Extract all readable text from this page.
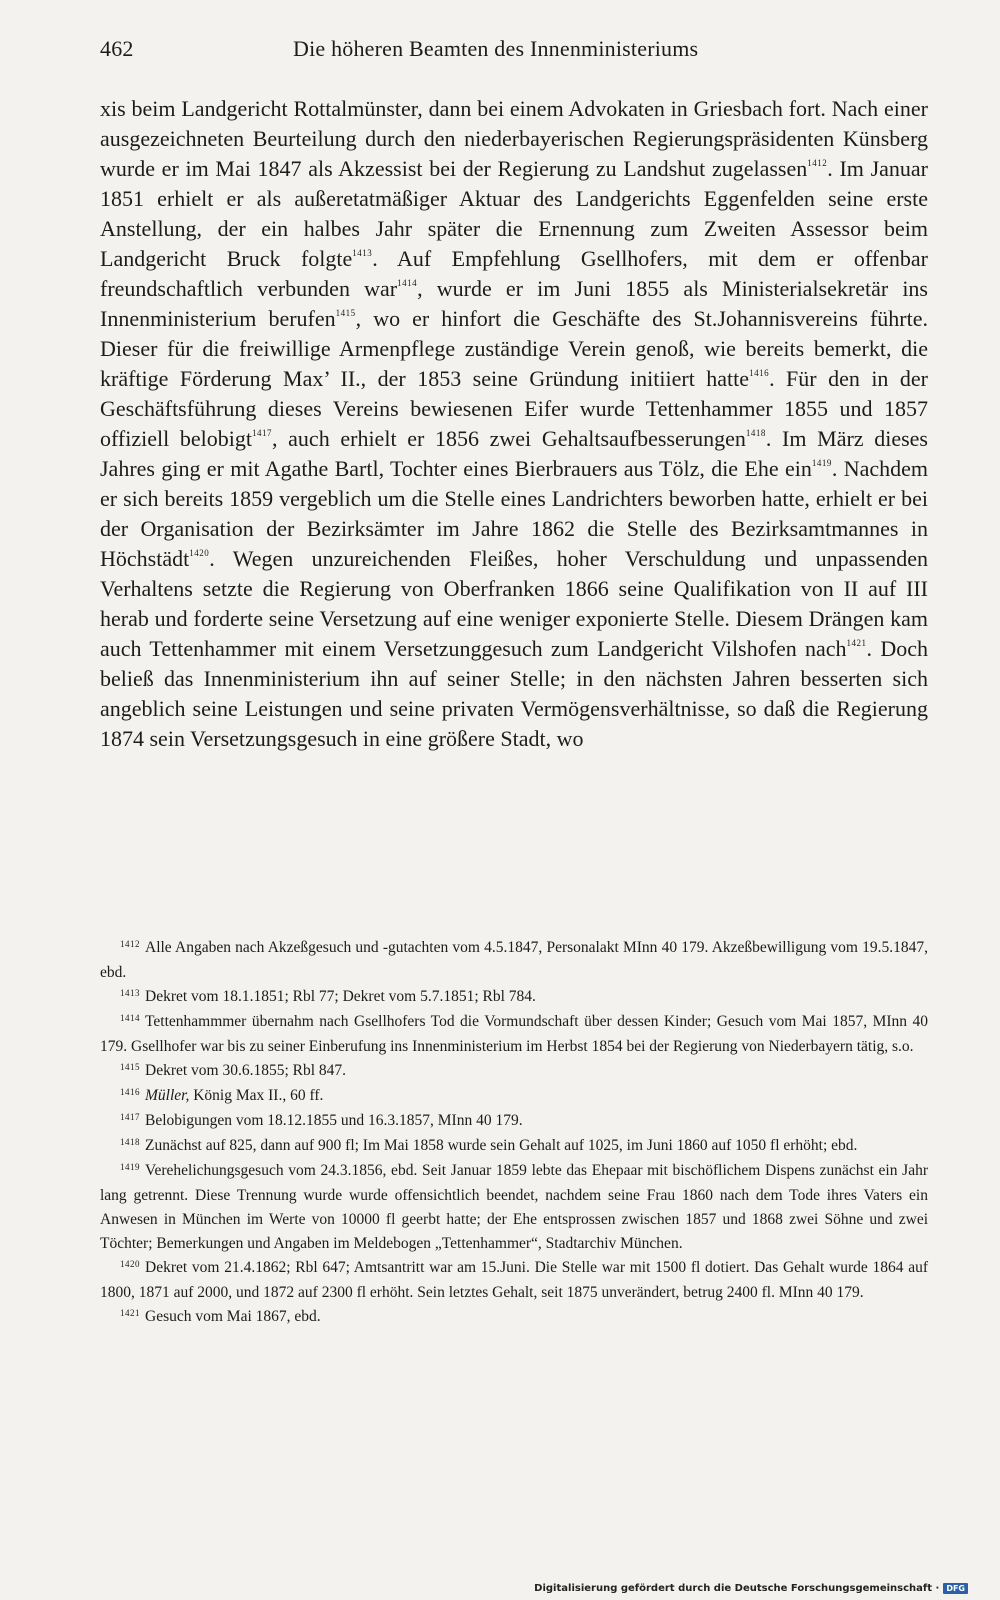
462	Die höheren Beamten des Innenministeriums

xis beim Landgericht Rottalmünster, dann bei einem Advokaten in Griesbach fort. Nach einer ausgezeichneten Beurteilung durch den niederbayerischen Regierungspräsidenten Künsberg wurde er im Mai 1847 als Akzessist bei der Regierung zu Landshut zugelassen$^{1412}$. Im Januar 1851 erhielt er als außeretatmäßiger Aktuar des Landgerichts Eggenfelden seine erste Anstellung, der ein halbes Jahr später die Ernennung zum Zweiten Assessor beim Landgericht Bruck folgte$^{1413}$. Auf Empfehlung Gsellhofers, mit dem er offenbar freundschaftlich verbunden war$^{1414}$, wurde er im Juni 1855 als Ministerialsekretär ins Innenministerium berufen$^{1415}$, wo er hinfort die Geschäfte des St.Johannisvereins führte. Dieser für die freiwillige Armenpflege zuständige Verein genoß, wie bereits bemerkt, die kräftige Förderung Max’ II., der 1853 seine Gründung initiiert hatte$^{1416}$. Für den in der Geschäftsführung dieses Vereins bewiesenen Eifer wurde Tettenhammer 1855 und 1857 offiziell belobigt$^{1417}$, auch erhielt er 1856 zwei Gehaltsaufbesserungen$^{1418}$. Im März dieses Jahres ging er mit Agathe Bartl, Tochter eines Bierbrauers aus Tölz, die Ehe ein$^{1419}$. Nachdem er sich bereits 1859 vergeblich um die Stelle eines Landrichters beworben hatte, erhielt er bei der Organisation der Bezirksämter im Jahre 1862 die Stelle des Bezirksamtmannes in Höchstädt$^{1420}$. Wegen unzureichenden Fleißes, hoher Verschuldung und unpassenden Verhaltens setzte die Regierung von Oberfranken 1866 seine Qualifikation von II auf III herab und forderte seine Versetzung auf eine weniger exponierte Stelle. Diesem Drängen kam auch Tettenhammer mit einem Versetzunggesuch zum Landgericht Vilshofen nach$^{1421}$. Doch beließ das Innenministerium ihn auf seiner Stelle; in den nächsten Jahren besserten sich angeblich seine Leistungen und seine privaten Vermögensverhältnisse, so daß die Regierung 1874 sein Versetzungsgesuch in eine größere Stadt, wo

$^{1412}$ Alle Angaben nach Akzeßgesuch und -gutachten vom 4.5.1847, Personalakt MInn 40 179. Akzeßbewilligung vom 19.5.1847, ebd.

$^{1413}$ Dekret vom 18.1.1851; Rbl 77; Dekret vom 5.7.1851; Rbl 784.

$^{1414}$ Tettenhammmer übernahm nach Gsellhofers Tod die Vormundschaft über dessen Kinder; Gesuch vom Mai 1857, MInn 40 179. Gsellhofer war bis zu seiner Einberufung ins Innenministerium im Herbst 1854 bei der Regierung von Niederbayern tätig, s.o.

$^{1415}$ Dekret vom 30.6.1855; Rbl 847.

$^{1416}$ Müller, König Max II., 60 ff.

$^{1417}$ Belobigungen vom 18.12.1855 und 16.3.1857, MInn 40 179.

$^{1418}$ Zunächst auf 825, dann auf 900 fl; Im Mai 1858 wurde sein Gehalt auf 1025, im Juni 1860 auf 1050 fl erhöht; ebd.

$^{1419}$ Verehelichungsgesuch vom 24.3.1856, ebd. Seit Januar 1859 lebte das Ehepaar mit bischöflichem Dispens zunächst ein Jahr lang getrennt. Diese Trennung wurde wurde offensichtlich beendet, nachdem seine Frau 1860 nach dem Tode ihres Vaters ein Anwesen in München im Werte von 10000 fl geerbt hatte; der Ehe entsprossen zwischen 1857 und 1868 zwei Söhne und zwei Töchter; Bemerkungen und Angaben im Meldebogen „Tettenhammer“, Stadtarchiv München.

$^{1420}$ Dekret vom 21.4.1862; Rbl 647; Amtsantritt war am 15.Juni. Die Stelle war mit 1500 fl dotiert. Das Gehalt wurde 1864 auf 1800, 1871 auf 2000, und 1872 auf 2300 fl erhöht. Sein letztes Gehalt, seit 1875 unverändert, betrug 2400 fl. MInn 40 179.

$^{1421}$ Gesuch vom Mai 1867, ebd.

Digitalisierung gefördert durch die Deutsche Forschungsgemeinschaft · DFG
